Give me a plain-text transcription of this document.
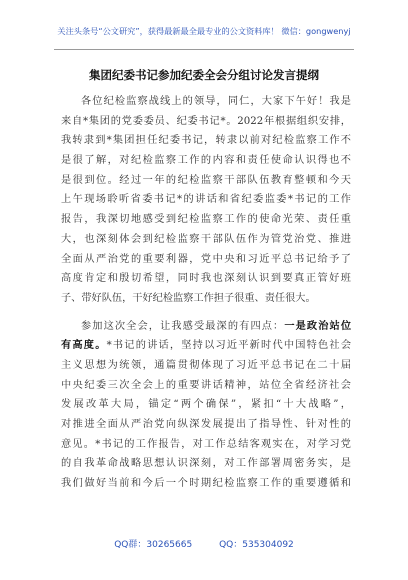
关注头条号“公文研究”，获得最新最全最专业的公文资料库！ 微信：gongwenyj
集团纪委书记参加纪委全会分组讨论发言提纲
各位纪检监察战线上的领导，同仁，大家下午好！我是
来自*集团的党委委员、纪委书记*。2022年根据组织安排，
我转隶到*集团担任纪委书记，转隶以前对纪检监察工作不
是很了解，对纪检监察工作的内容和责任使命认识得也不
是很到位。经过一年的纪检监察干部队伍教育整顿和今天
上午现场聆听省委书记*的讲话和省纪委监委*书记的工作
报告，我深切地感受到纪检监察工作的使命光荣、责任重
大，也深刻体会到纪检监察干部队伍作为管党治党、推进
全面从严治党的重要利器，党中央和习近平总书记给予了
高度肯定和殷切希望，同时我也深刻认识到要真正管好班
子、带好队伍，干好纪检监察工作担子很重、责任很大。
参加这次全会，让我感受最深的有四点：一是政治站位
有高度。*书记的讲话，坚持以习近平新时代中国特色社会
主义思想为统领，通篇贯彻体现了习近平总书记在二十届
中央纪委三次全会上的重要讲话精神，站位全省经济社会
发展改革大局，锚定“两个确保”，紧扣“十大战略”，
对推进全面从严治党向纵深发展提出了指导性、针对性的
意见。*书记的工作报告，对工作总结客观实在，对学习党
的自我革命战略思想认识深刻，对工作部署周密务实，是
我们做好当前和今后一个时期纪检监察工作的重要遵循和
QQ群：30265665	QQ：535304092
